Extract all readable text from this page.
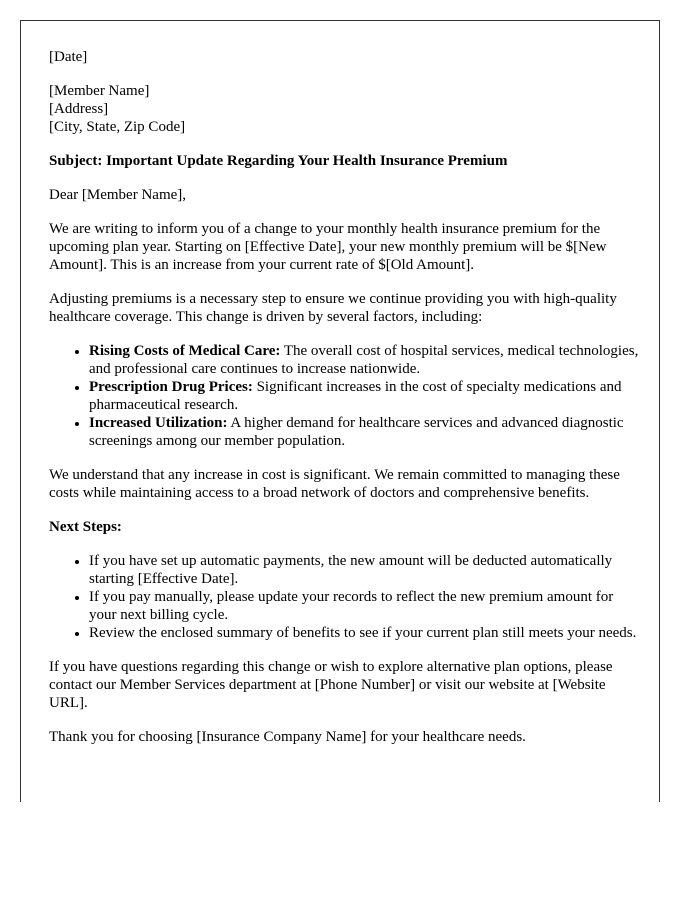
[Date]

[Member Name]
[Address]
[City, State, Zip Code]

Subject: Important Update Regarding Your Health Insurance Premium

Dear [Member Name],

We are writing to inform you of a change to your monthly health insurance premium for the upcoming plan year. Starting on [Effective Date], your new monthly premium will be $[New Amount]. This is an increase from your current rate of $[Old Amount].

Adjusting premiums is a necessary step to ensure we continue providing you with high-quality healthcare coverage. This change is driven by several factors, including:

• Rising Costs of Medical Care: The overall cost of hospital services, medical technologies, and professional care continues to increase nationwide.
• Prescription Drug Prices: Significant increases in the cost of specialty medications and pharmaceutical research.
• Increased Utilization: A higher demand for healthcare services and advanced diagnostic screenings among our member population.

We understand that any increase in cost is significant. We remain committed to managing these costs while maintaining access to a broad network of doctors and comprehensive benefits.

Next Steps:

• If you have set up automatic payments, the new amount will be deducted automatically starting [Effective Date].
• If you pay manually, please update your records to reflect the new premium amount for your next billing cycle.
• Review the enclosed summary of benefits to see if your current plan still meets your needs.

If you have questions regarding this change or wish to explore alternative plan options, please contact our Member Services department at [Phone Number] or visit our website at [Website URL].

Thank you for choosing [Insurance Company Name] for your healthcare needs.
